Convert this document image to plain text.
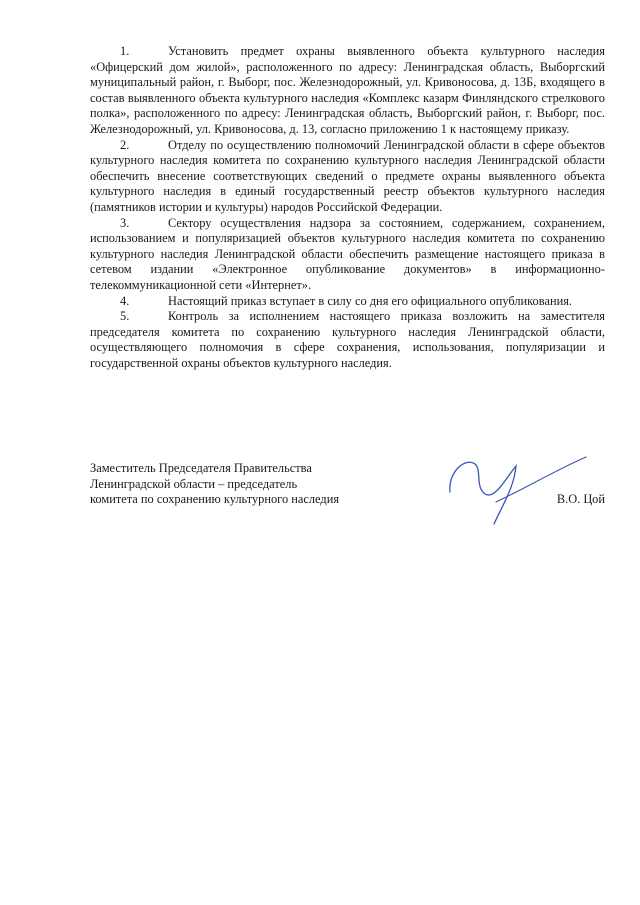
1.	Установить предмет охраны выявленного объекта культурного наследия «Офицерский дом жилой», расположенного по адресу: Ленинградская область, Выборгский муниципальный район, г. Выборг, пос. Железнодорожный, ул. Кривоносова, д. 13Б, входящего в состав выявленного объекта культурного наследия «Комплекс казарм Финляндского стрелкового полка», расположенного по адресу: Ленинградская область, Выборгский район, г. Выборг, пос. Железнодорожный, ул. Кривоносова, д. 13, согласно приложению 1 к настоящему приказу.

2.	Отделу по осуществлению полномочий Ленинградской области в сфере объектов культурного наследия комитета по сохранению культурного наследия Ленинградской области обеспечить внесение соответствующих сведений о предмете охраны выявленного объекта культурного наследия в единый государственный реестр объектов культурного наследия (памятников истории и культуры) народов Российской Федерации.

3.	Сектору осуществления надзора за состоянием, содержанием, сохранением, использованием и популяризацией объектов культурного наследия комитета по сохранению культурного наследия Ленинградской области обеспечить размещение настоящего приказа в сетевом издании «Электронное опубликование документов» в информационно-телекоммуникационной сети «Интернет».

4.	Настоящий приказ вступает в силу со дня его официального опубликования.

5.	Контроль за исполнением настоящего приказа возложить на заместителя председателя комитета по сохранению культурного наследия Ленинградской области, осуществляющего полномочия в сфере сохранения, использования, популяризации и государственной охраны объектов культурного наследия.

Заместитель Председателя Правительства

Ленинградской области – председатель

комитета по сохранению культурного наследия	В.О. Цой
